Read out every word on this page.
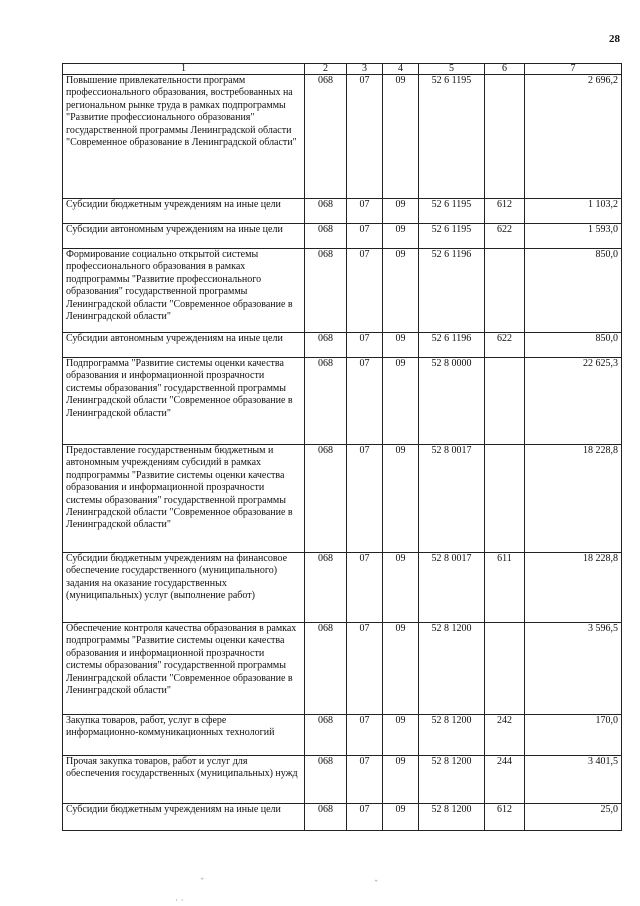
28
1	2	3	4	5	6	7
Повышение привлекательности программ профессионального образования, востребованных на региональном рынке труда в рамках подпрограммы "Развитие профессионального образования" государственной программы Ленинградской области "Современное образование в Ленинградской области"	068	07	09	52 6 1195		2 696,2
Субсидии бюджетным учреждениям на иные цели	068	07	09	52 6 1195	612	1 103,2
Субсидии автономным учреждениям на иные цели	068	07	09	52 6 1195	622	1 593,0
Формирование социально открытой системы профессионального образования в рамках подпрограммы "Развитие профессионального образования" государственной программы Ленинградской области "Современное образование в Ленинградской области"	068	07	09	52 6 1196		850,0
Субсидии автономным учреждениям на иные цели	068	07	09	52 6 1196	622	850,0
Подпрограмма "Развитие системы оценки качества образования и информационной прозрачности системы образования" государственной программы Ленинградской области "Современное образование в Ленинградской области"	068	07	09	52 8 0000		22 625,3
Предоставление государственным бюджетным и автономным учреждениям субсидий в рамках подпрограммы "Развитие системы оценки качества образования и информационной прозрачности системы образования" государственной программы Ленинградской области "Современное образование в Ленинградской области"	068	07	09	52 8 0017		18 228,8
Субсидии бюджетным учреждениям на финансовое обеспечение государственного (муниципального) задания на оказание государственных (муниципальных) услуг (выполнение работ)	068	07	09	52 8 0017	611	18 228,8
Обеспечение контроля качества образования в рамках подпрограммы "Развитие системы оценки качества образования и информационной прозрачности системы образования" государственной программы Ленинградской области "Современное образование в Ленинградской области"	068	07	09	52 8 1200		3 596,5
Закупка товаров, работ, услуг в сфере информационно-коммуникационных технологий	068	07	09	52 8 1200	242	170,0
Прочая закупка товаров, работ и услуг для обеспечения государственных (муниципальных) нужд	068	07	09	52 8 1200	244	3 401,5
Субсидии бюджетным учреждениям на иные цели	068	07	09	52 8 1200	612	25,0
ˇ	ˇ
· ·
